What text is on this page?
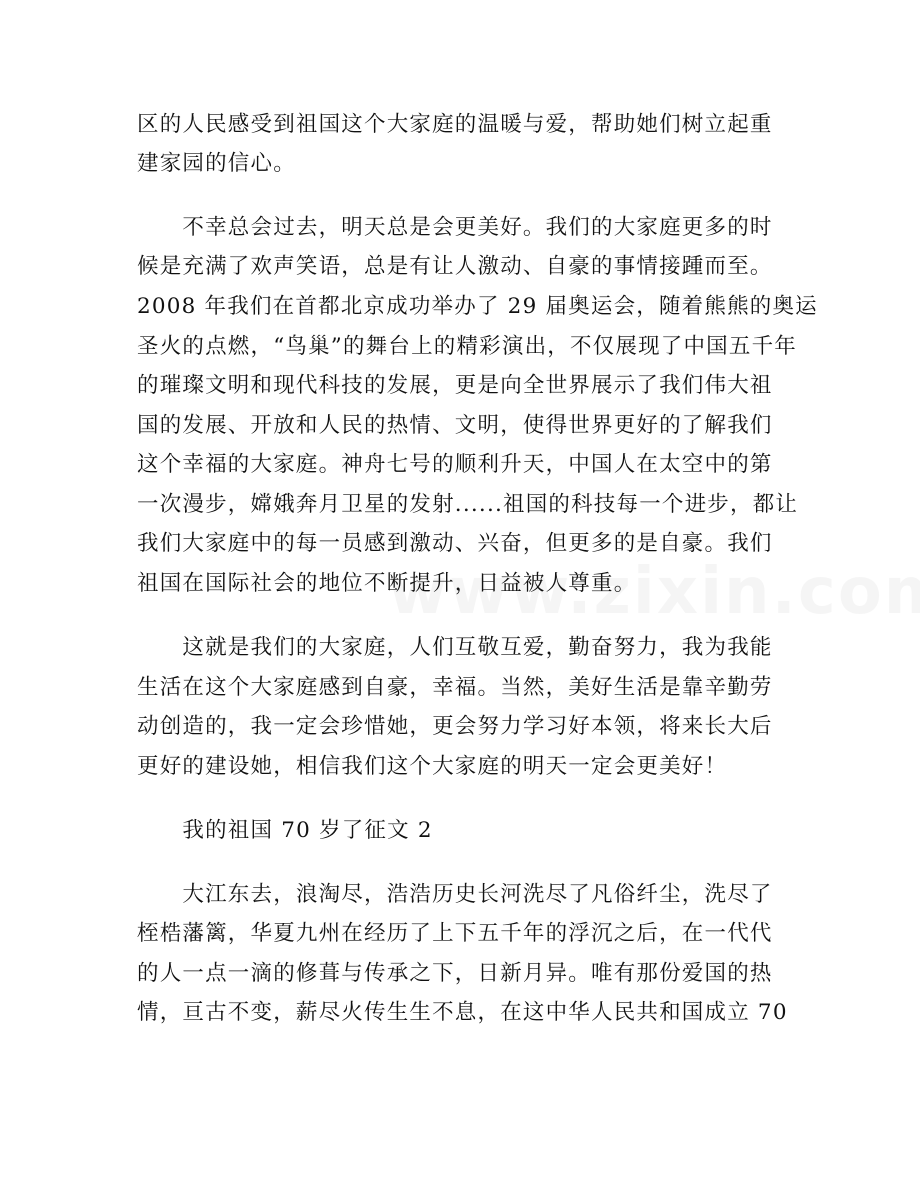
区的人民感受到祖国这个大家庭的温暖与爱，帮助她们树立起重
建家园的信心。
　　不幸总会过去，明天总是会更美好。我们的大家庭更多的时
候是充满了欢声笑语，总是有让人激动、自豪的事情接踵而至。
2008 年我们在首都北京成功举办了 29 届奥运会，随着熊熊的奥运
圣火的点燃，“鸟巢”的舞台上的精彩演出，不仅展现了中国五千年
的璀璨文明和现代科技的发展，更是向全世界展示了我们伟大祖
国的发展、开放和人民的热情、文明，使得世界更好的了解我们
这个幸福的大家庭。神舟七号的顺利升天，中国人在太空中的第
一次漫步，嫦娥奔月卫星的发射......祖国的科技每一个进步，都让
我们大家庭中的每一员感到激动、兴奋，但更多的是自豪。我们
祖国在国际社会的地位不断提升，日益被人尊重。
　　这就是我们的大家庭，人们互敬互爱，勤奋努力，我为我能
生活在这个大家庭感到自豪，幸福。当然，美好生活是靠辛勤劳
动创造的，我一定会珍惜她，更会努力学习好本领，将来长大后
更好的建设她，相信我们这个大家庭的明天一定会更美好！
　　我的祖国 70 岁了征文 2
　　大江东去，浪淘尽，浩浩历史长河洗尽了凡俗纤尘，洗尽了
桎梏藩篱，华夏九州在经历了上下五千年的浮沉之后，在一代代
的人一点一滴的修葺与传承之下，日新月异。唯有那份爱国的热
情，亘古不变，薪尽火传生生不息，在这中华人民共和国成立 70
